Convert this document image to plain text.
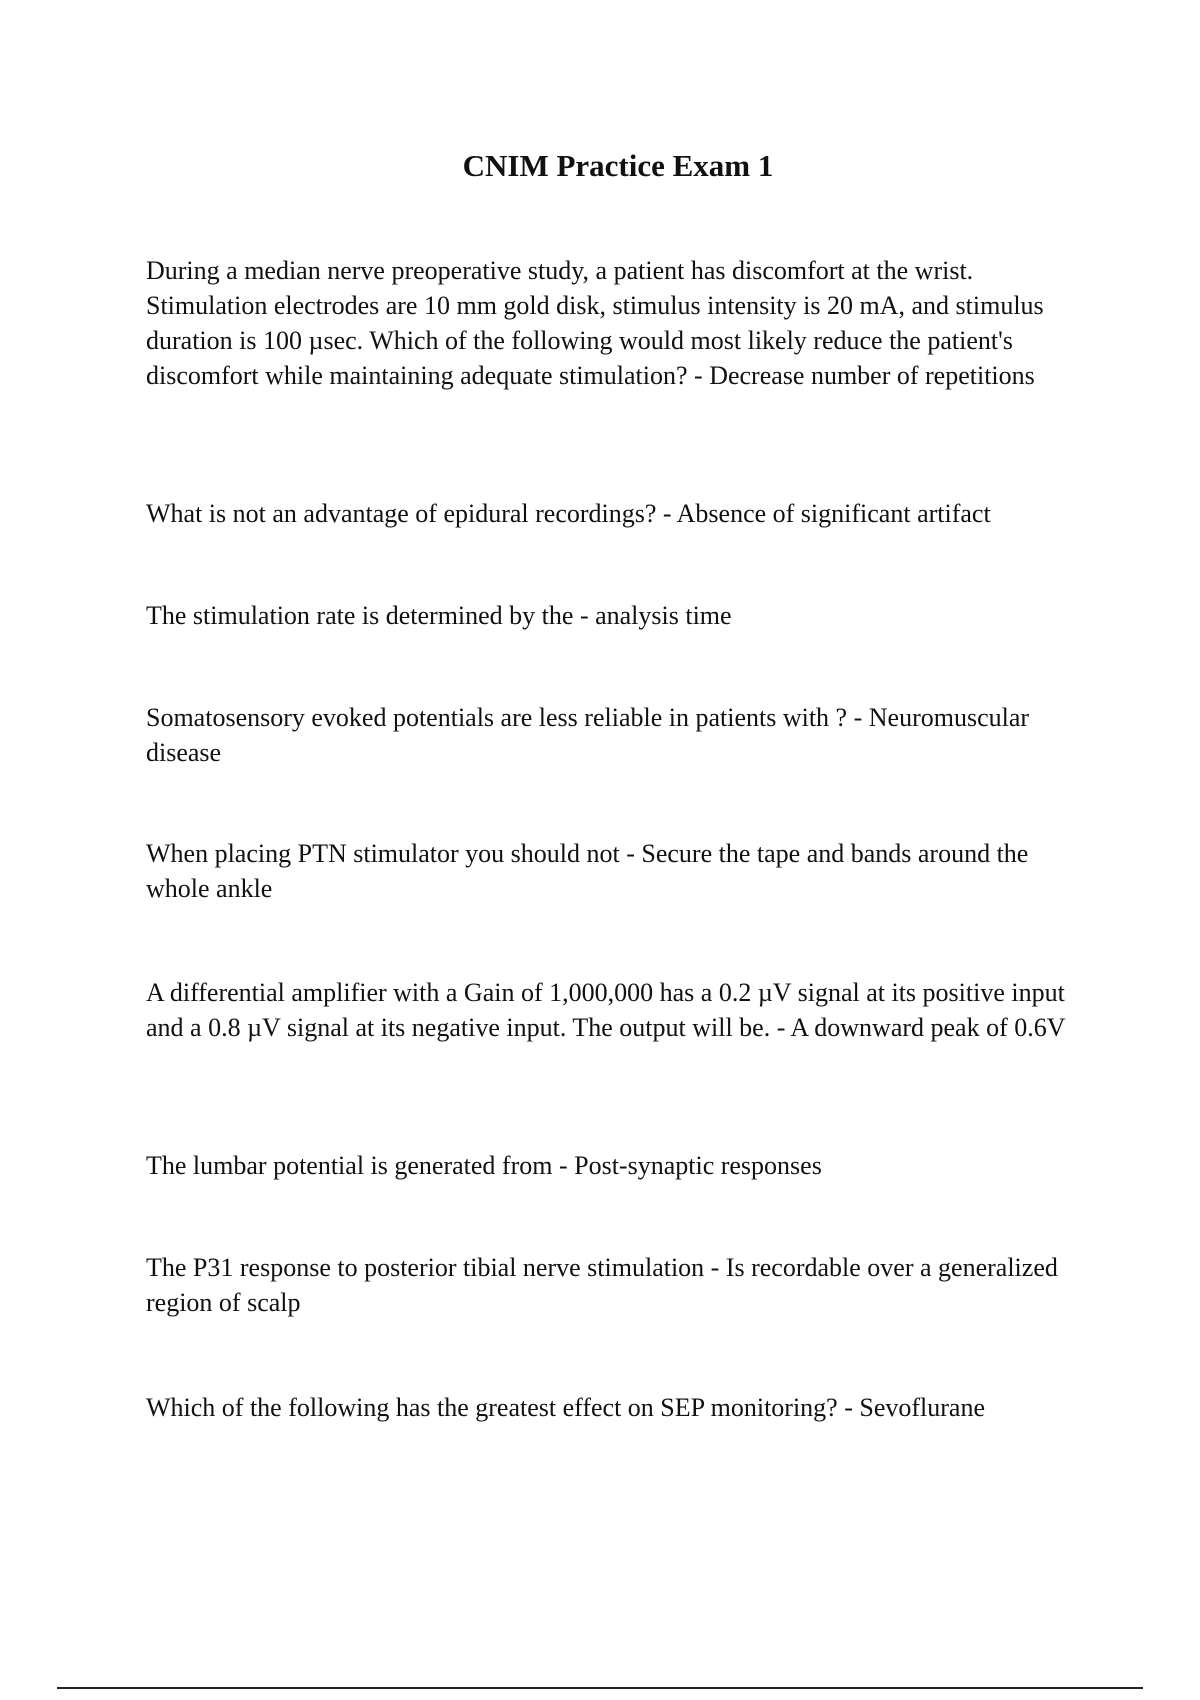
CNIM Practice Exam 1

During a median nerve preoperative study, a patient has discomfort at the wrist. Stimulation electrodes are 10 mm gold disk, stimulus intensity is 20 mA, and stimulus duration is 100 µsec. Which of the following would most likely reduce the patient's discomfort while maintaining adequate stimulation? - Decrease number of repetitions

What is not an advantage of epidural recordings? - Absence of significant artifact

The stimulation rate is determined by the - analysis time

Somatosensory evoked potentials are less reliable in patients with ? - Neuromuscular disease

When placing PTN stimulator you should not - Secure the tape and bands around the whole ankle

A differential amplifier with a Gain of 1,000,000 has a 0.2 µV signal at its positive input and a 0.8 µV signal at its negative input. The output will be. - A downward peak of 0.6V

The lumbar potential is generated from - Post-synaptic responses

The P31 response to posterior tibial nerve stimulation - Is recordable over a generalized region of scalp

Which of the following has the greatest effect on SEP monitoring? - Sevoflurane
